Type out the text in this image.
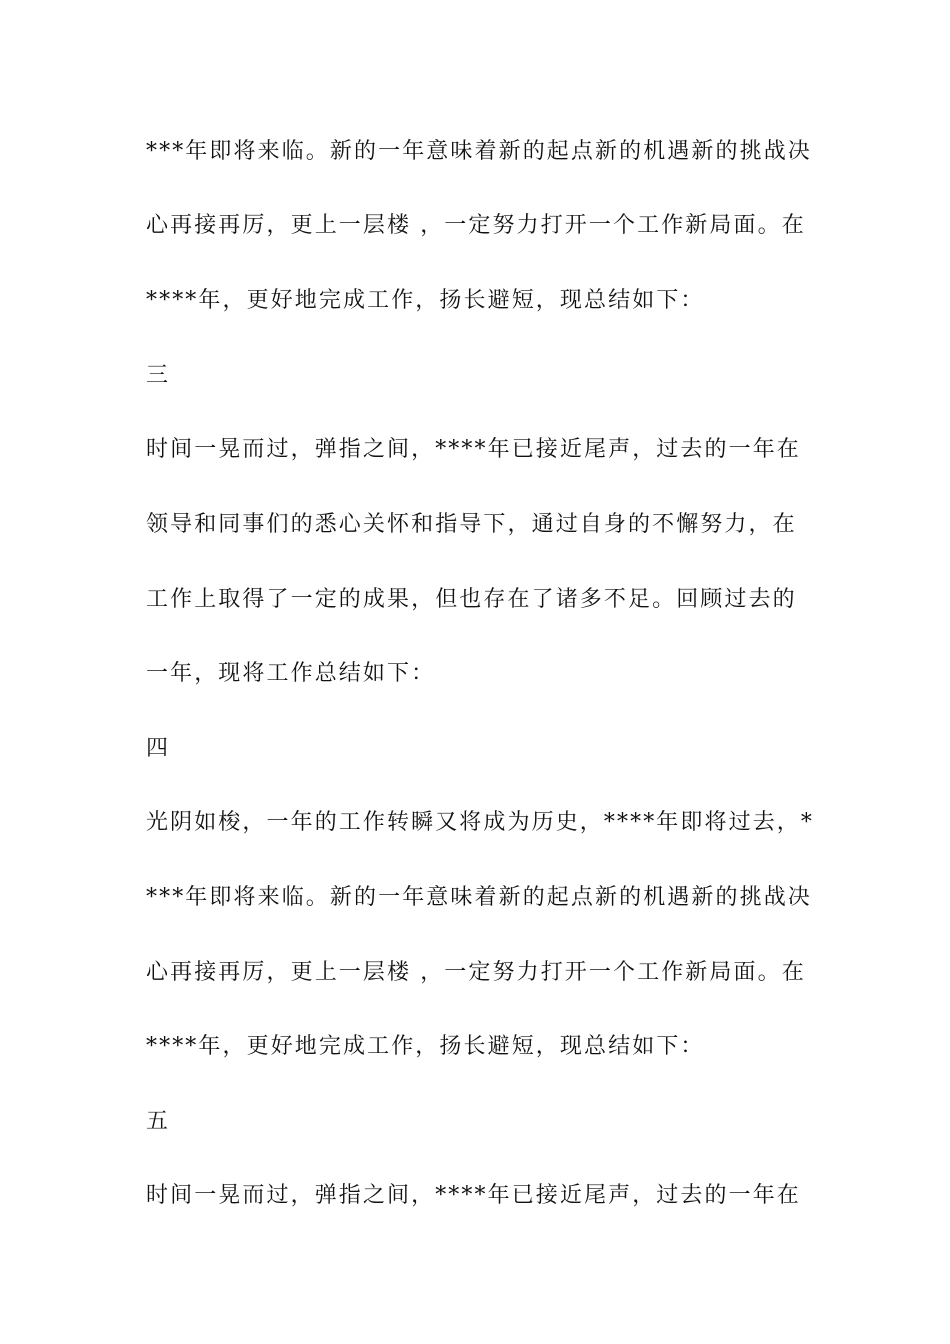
***年即将来临。新的一年意味着新的起点新的机遇新的挑战决
心再接再厉，更上一层楼 ，一定努力打开一个工作新局面。在
****年，更好地完成工作，扬长避短，现总结如下：
三
时间一晃而过，弹指之间，****年已接近尾声，过去的一年在
领导和同事们的悉心关怀和指导下，通过自身的不懈努力，在
工作上取得了一定的成果，但也存在了诸多不足。回顾过去的
一年，现将工作总结如下：
四
光阴如梭，一年的工作转瞬又将成为历史，****年即将过去，*
***年即将来临。新的一年意味着新的起点新的机遇新的挑战决
心再接再厉，更上一层楼 ，一定努力打开一个工作新局面。在
****年，更好地完成工作，扬长避短，现总结如下：
五
时间一晃而过，弹指之间，****年已接近尾声，过去的一年在
